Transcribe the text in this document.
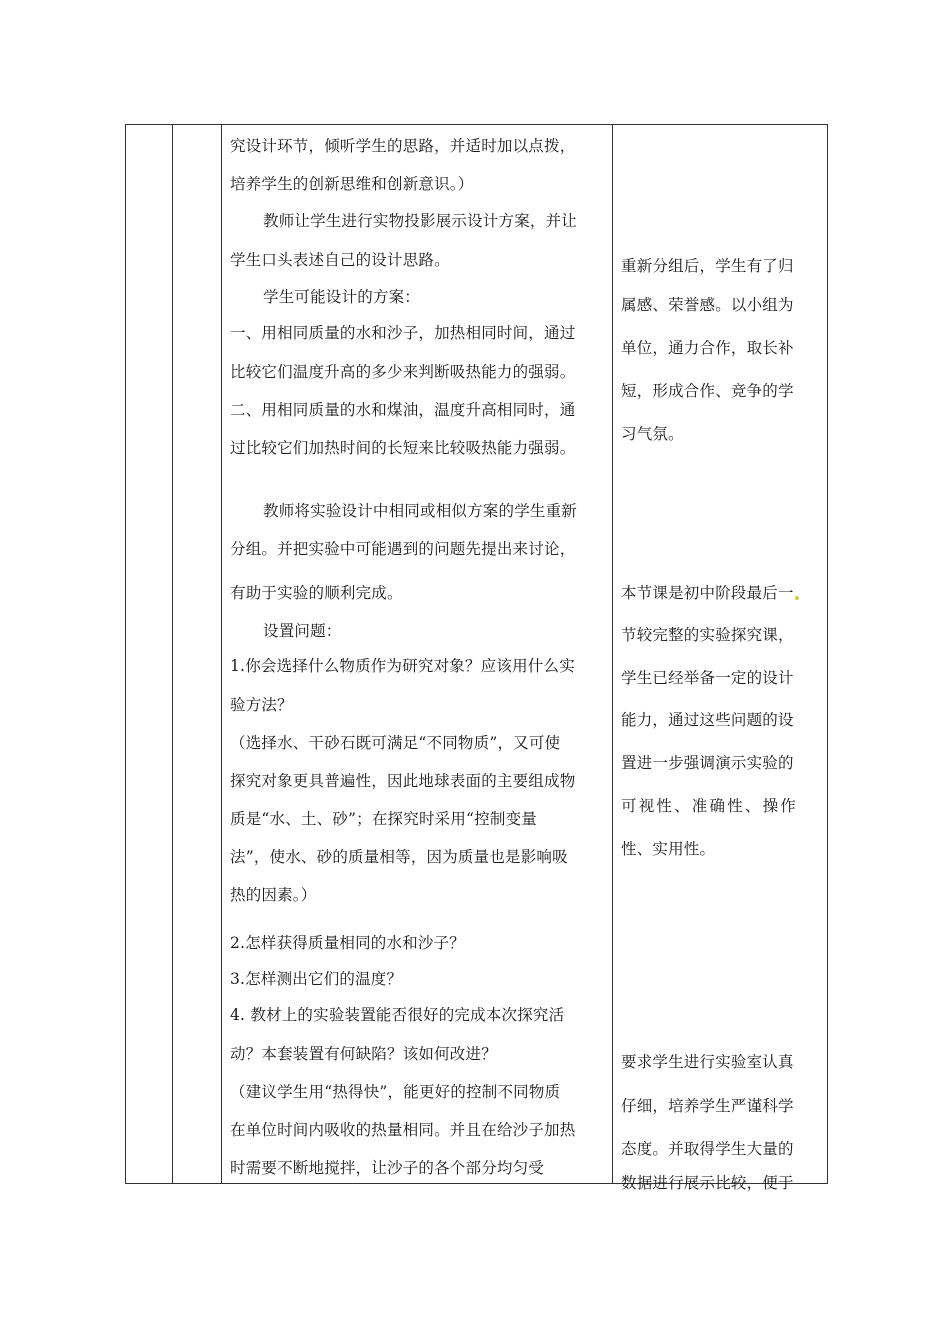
究设计环节，倾听学生的思路，并适时加以点拨，
培养学生的创新思维和创新意识。）
教师让学生进行实物投影展示设计方案，并让
学生口头表述自己的设计思路。
学生可能设计的方案：
一、用相同质量的水和沙子，加热相同时间，通过
比较它们温度升高的多少来判断吸热能力的强弱。
二、用相同质量的水和煤油，温度升高相同时，通
过比较它们加热时间的长短来比较吸热能力强弱。
教师将实验设计中相同或相似方案的学生重新
分组。并把实验中可能遇到的问题先提出来讨论，
有助于实验的顺利完成。
设置问题：
1.你会选择什么物质作为研究对象？应该用什么实
验方法？
（选择水、干砂石既可满足“不同物质”，又可使
探究对象更具普遍性，因此地球表面的主要组成物
质是“水、土、砂”；在探究时采用“控制变量
法”，使水、砂的质量相等，因为质量也是影响吸
热的因素。）
2.怎样获得质量相同的水和沙子？
3.怎样测出它们的温度？
4. 教材上的实验装置能否很好的完成本次探究活
动？本套装置有何缺陷？该如何改进？
（建议学生用“热得快”，能更好的控制不同物质
在单位时间内吸收的热量相同。并且在给沙子加热
时需要不断地搅拌，让沙子的各个部分均匀受

重新分组后，学生有了归
属感、荣誉感。以小组为
单位，通力合作，取长补
短，形成合作、竞争的学
习气氛。
本节课是初中阶段最后一
节较完整的实验探究课，
学生已经举备一定的设计
能力，通过这些问题的设
置进一步强调演示实验的
可视性、准确性、操作
性、实用性。
要求学生进行实验室认真
仔细，培养学生严谨科学
态度。并取得学生大量的
数据进行展示比较，便于
